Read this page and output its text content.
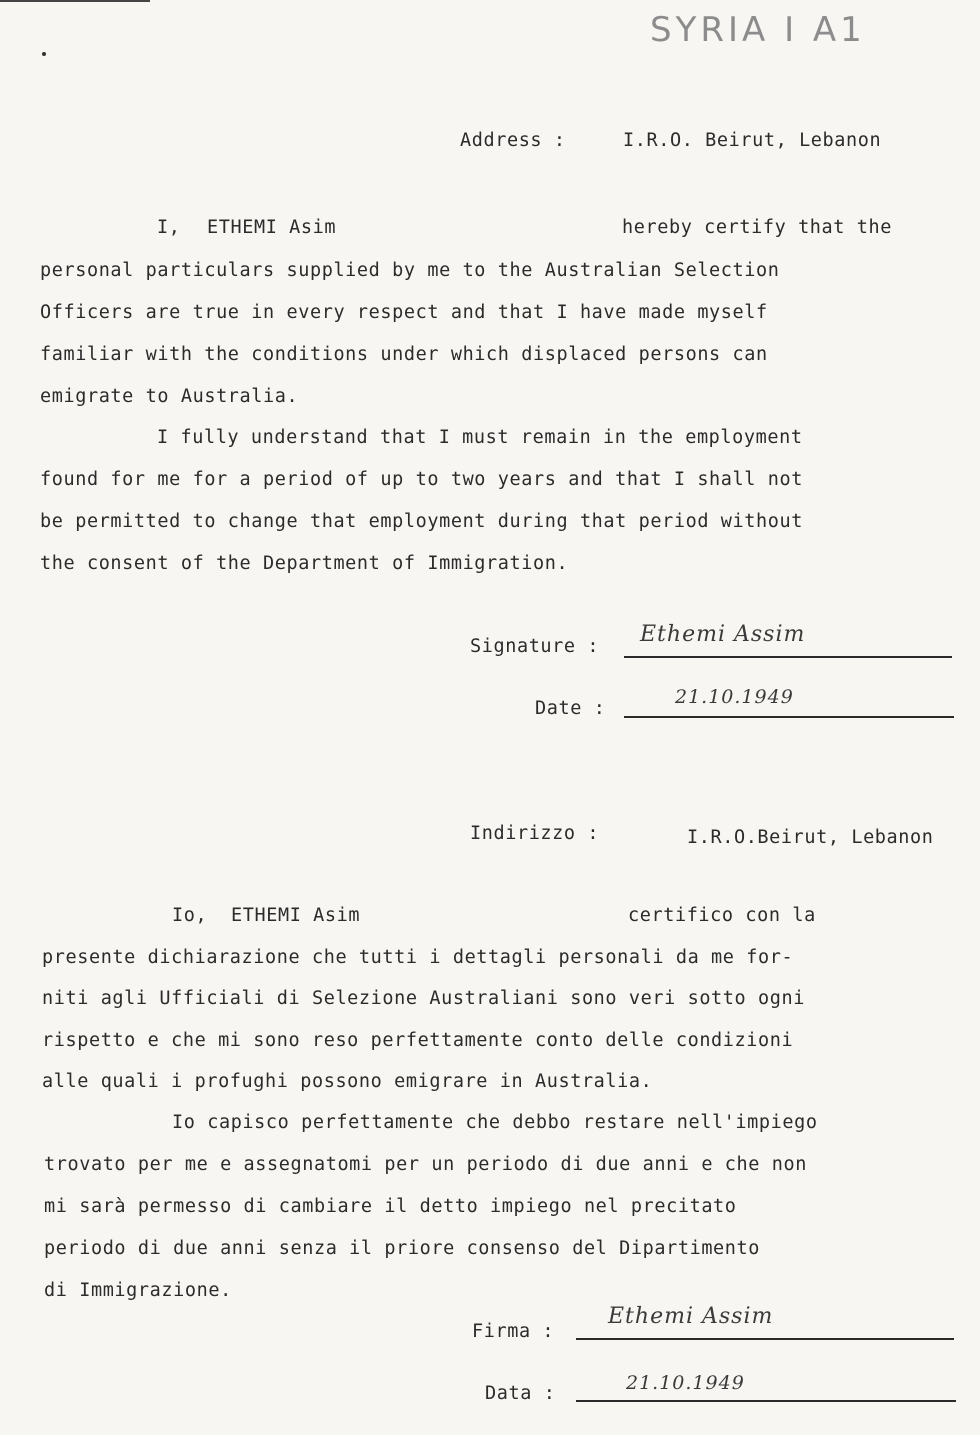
SYRIA I A1
Address :	I.R.O. Beirut, Lebanon
I, ETHEMI Asim	hereby certify that the
personal particulars supplied by me to the Australian Selection
Officers are true in every respect and that I have made myself
familiar with the conditions under which displaced persons can
emigrate to Australia.
I fully understand that I must remain in the employment
found for me for a period of up to two years and that I shall not
be permitted to change that employment during that period without
the consent of the Department of Immigration.
Signature : Ethemi Assim
Date :
21.10.1949
Indirizzo :	I.R.O.Beirut, Lebanon
Io, ETHEMI Asim	certifico con la
presente dichiarazione che tutti i dettagli personali da me for-
niti agli Ufficiali di Selezione Australiani sono veri sotto ogni
rispetto e che mi sono reso perfettamente conto delle condizioni
alle quali i profughi possono emigrare in Australia.
Io capisco perfettamente che debbo restare nell'impiego
trovato per me e assegnatomi per un periodo di due anni e che non
mi sarà permesso di cambiare il detto impiego nel precitato
periodo di due anni senza il priore consenso del Dipartimento
di Immigrazione.
Firma :
Ethemi Assim
Data :	21.10.1949
